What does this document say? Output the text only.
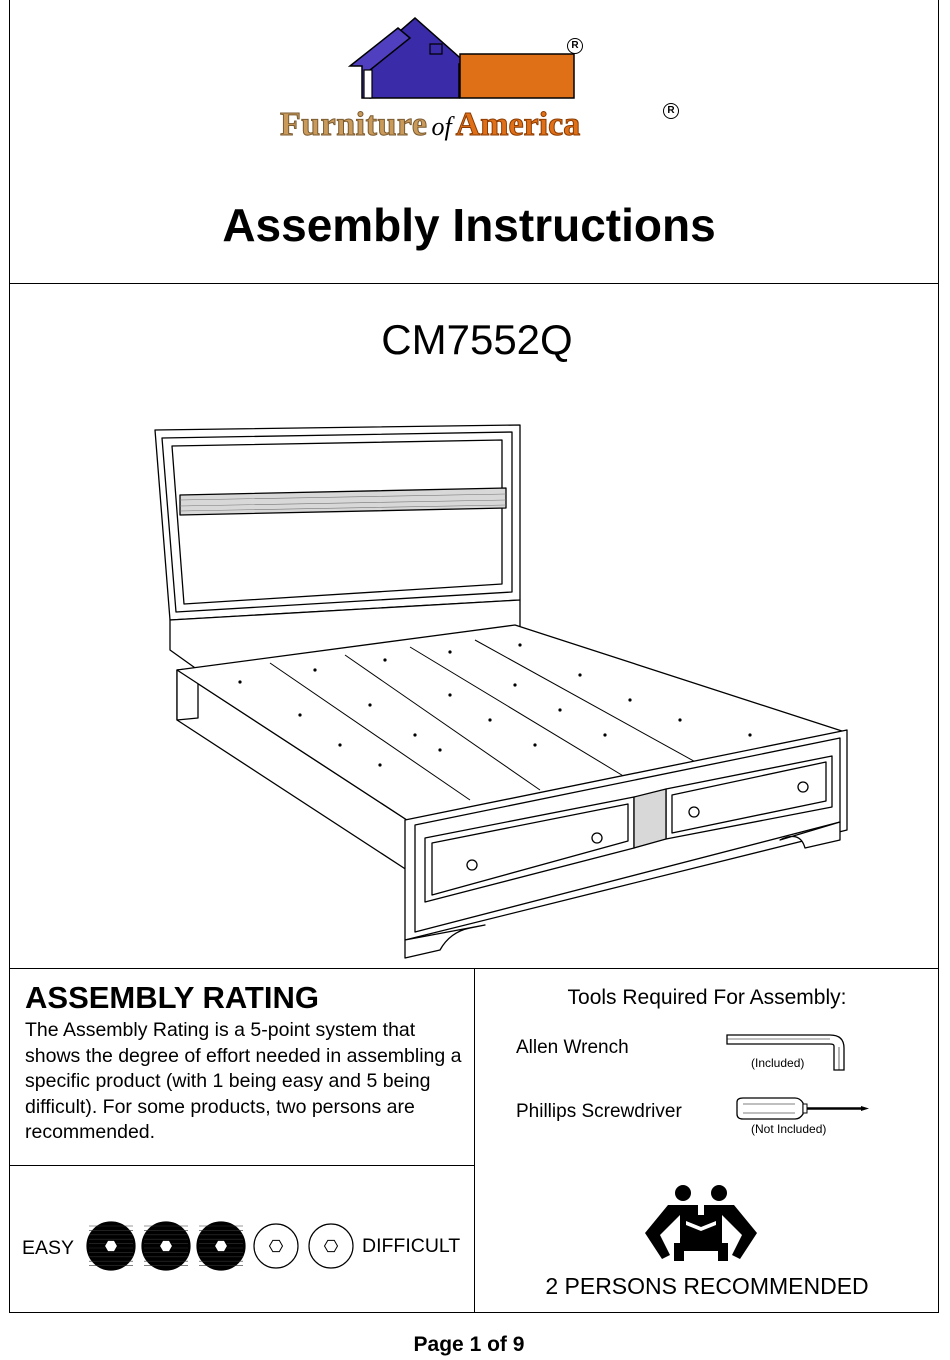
R
Furniture of America	R
Assembly Instructions
CM7552Q
ASSEMBLY RATING
The Assembly Rating is a 5-point system that shows the degree of effort needed in assembling a specific product (with 1 being easy and 5 being difficult). For some products, two persons are recommended.
EASY	DIFFICULT
Tools Required For Assembly:
Allen Wrench
(Included)
Phillips Screwdriver
(Not Included)
2 PERSONS RECOMMENDED
Page 1 of 9
